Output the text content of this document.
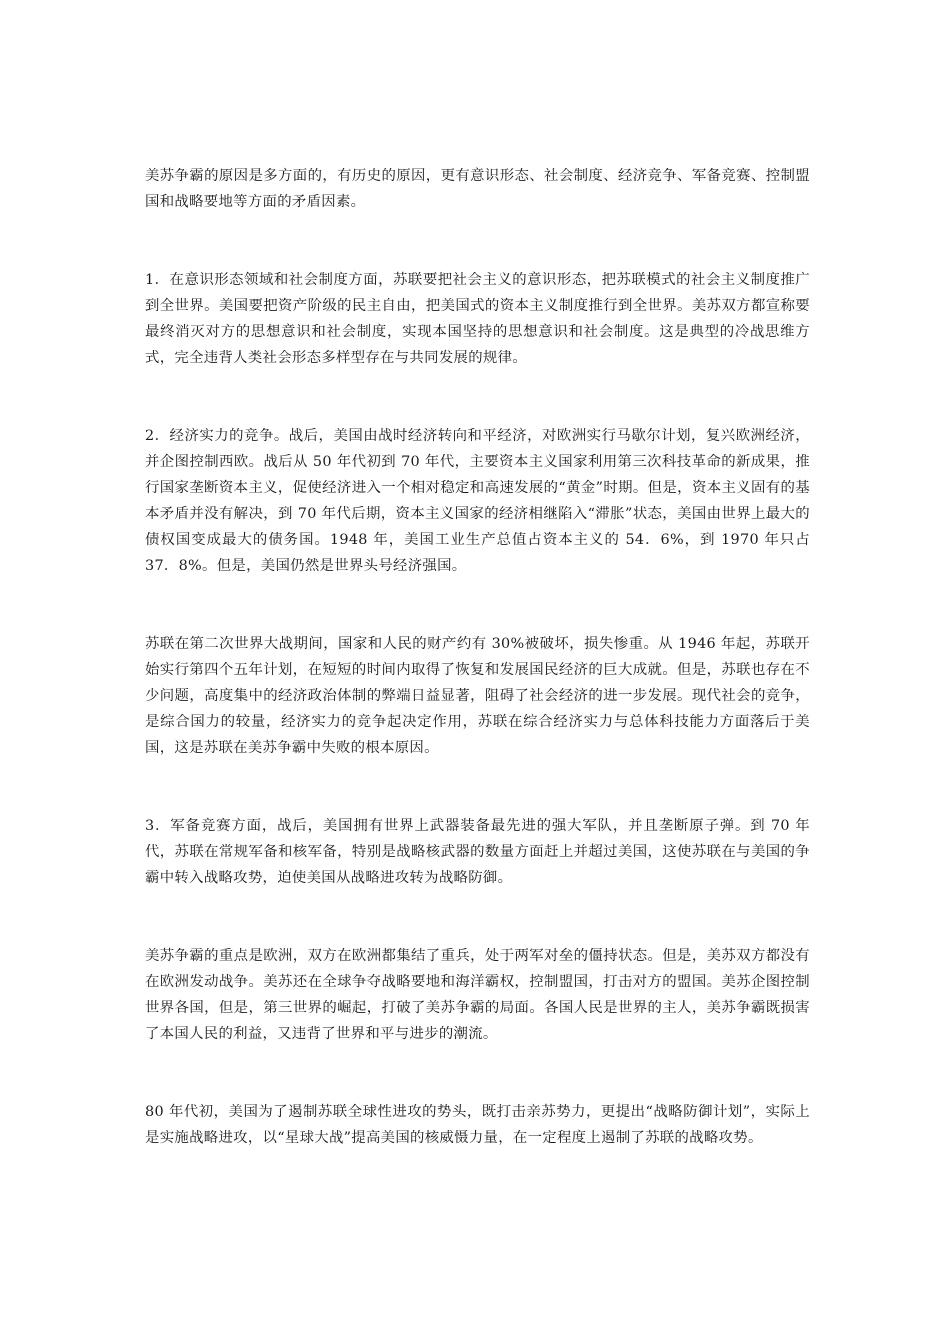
美苏争霸的原因是多方面的，有历史的原因，更有意识形态、社会制度、经济竞争、军备竞赛、控制盟国和战略要地等方面的矛盾因素。

1．在意识形态领域和社会制度方面，苏联要把社会主义的意识形态，把苏联模式的社会主义制度推广到全世界。美国要把资产阶级的民主自由，把美国式的资本主义制度推行到全世界。美苏双方都宣称要最终消灭对方的思想意识和社会制度，实现本国坚持的思想意识和社会制度。这是典型的冷战思维方式，完全违背人类社会形态多样型存在与共同发展的规律。

2．经济实力的竞争。战后，美国由战时经济转向和平经济，对欧洲实行马歇尔计划，复兴欧洲经济，并企图控制西欧。战后从 50 年代初到 70 年代，主要资本主义国家利用第三次科技革命的新成果，推行国家垄断资本主义，促使经济进入一个相对稳定和高速发展的“黄金”时期。但是，资本主义固有的基本矛盾并没有解决，到 70 年代后期，资本主义国家的经济相继陷入“滞胀”状态，美国由世界上最大的债权国变成最大的债务国。1948 年，美国工业生产总值占资本主义的 54．6%，到 1970 年只占 37．8%。但是，美国仍然是世界头号经济强国。

苏联在第二次世界大战期间，国家和人民的财产约有 30%被破坏，损失惨重。从 1946 年起，苏联开始实行第四个五年计划，在短短的时间内取得了恢复和发展国民经济的巨大成就。但是，苏联也存在不少问题，高度集中的经济政治体制的弊端日益显著，阻碍了社会经济的进一步发展。现代社会的竞争，是综合国力的较量，经济实力的竞争起决定作用，苏联在综合经济实力与总体科技能力方面落后于美国，这是苏联在美苏争霸中失败的根本原因。

3．军备竞赛方面，战后，美国拥有世界上武器装备最先进的强大军队，并且垄断原子弹。到 70 年代，苏联在常规军备和核军备，特别是战略核武器的数量方面赶上并超过美国，这使苏联在与美国的争霸中转入战略攻势，迫使美国从战略进攻转为战略防御。

美苏争霸的重点是欧洲，双方在欧洲都集结了重兵，处于两军对垒的僵持状态。但是，美苏双方都没有在欧洲发动战争。美苏还在全球争夺战略要地和海洋霸权，控制盟国，打击对方的盟国。美苏企图控制世界各国，但是，第三世界的崛起，打破了美苏争霸的局面。各国人民是世界的主人，美苏争霸既损害了本国人民的利益，又违背了世界和平与进步的潮流。

80 年代初，美国为了遏制苏联全球性进攻的势头，既打击亲苏势力，更提出“战略防御计划”，实际上是实施战略进攻，以“星球大战”提高美国的核威慑力量，在一定程度上遏制了苏联的战略攻势。
